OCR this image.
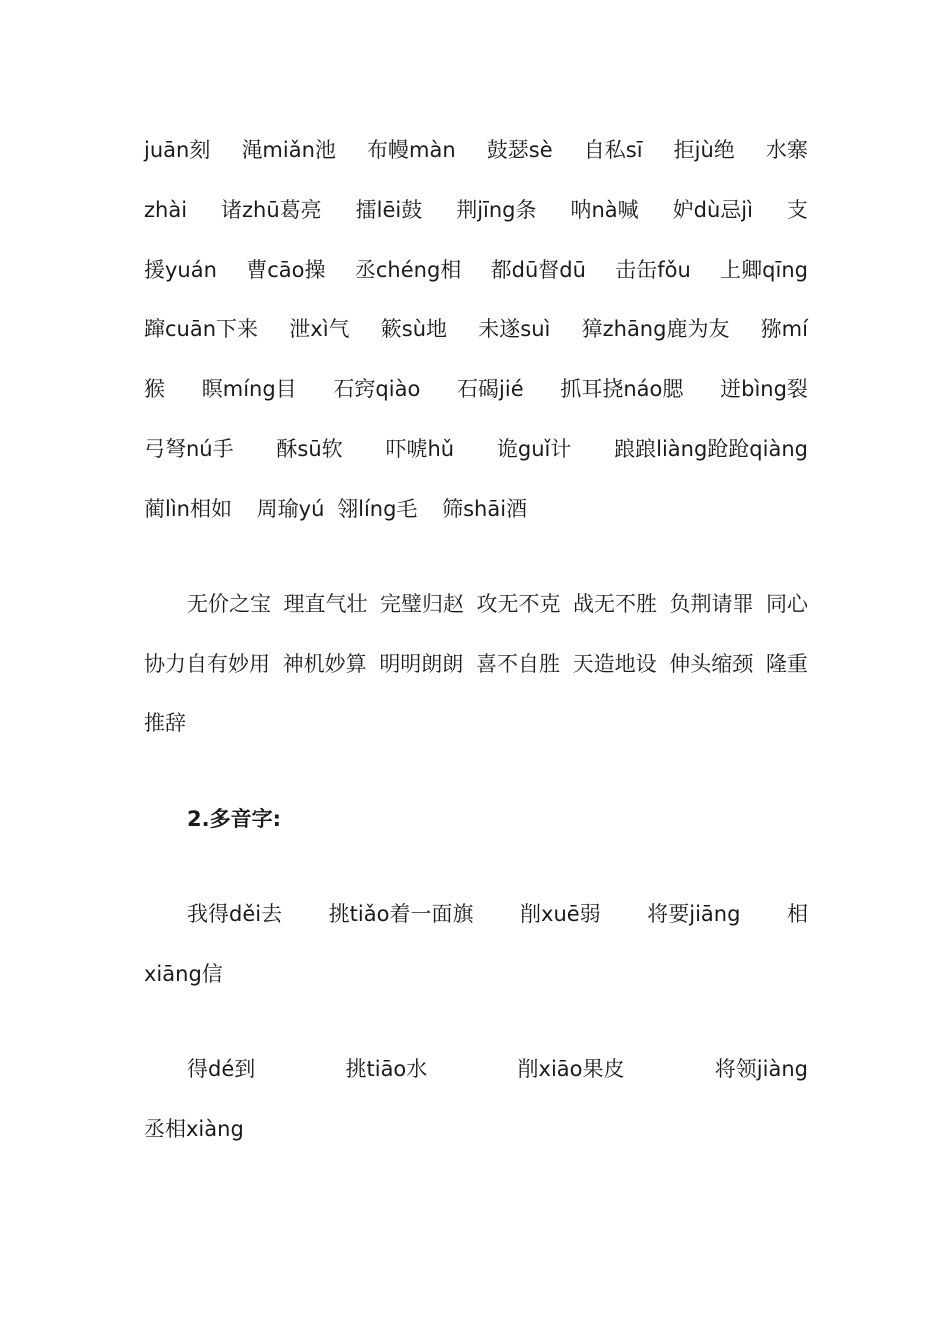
juān刻 渑miǎn池 布幔màn 鼓瑟sè 自私sī 拒jù绝 水寨
zhài 诸zhū葛亮 擂lēi鼓 荆jīng条 呐nà喊 妒dù忌jì 支
援yuán 曹cāo操 丞chéng相 都dū督dū 击缶fǒu 上卿qīng
蹿cuān下来 泄xì气 簌sù地 未遂suì 獐zhāng鹿为友 猕mí
猴 瞑míng目 石窍qiào 石碣jié 抓耳挠náo腮 迸bìng裂
弓弩nú手 酥sū软 吓唬hǔ 诡guǐ计 踉踉liàng跄跄qiàng
蔺lìn相如 周瑜yú 翎líng毛 筛shāi酒
无价之宝 理直气壮 完璧归赵 攻无不克 战无不胜 负荆请罪 同心
协力自有妙用 神机妙算 明明朗朗 喜不自胜 天造地设 伸头缩颈 隆重
推辞
2.多音字:
我得děi去 挑tiǎo着一面旗 削xuē弱 将要jiāng 相
xiāng信
得dé到	挑tiāo水	削xiāo果皮	将领jiàng
丞相xiàng
